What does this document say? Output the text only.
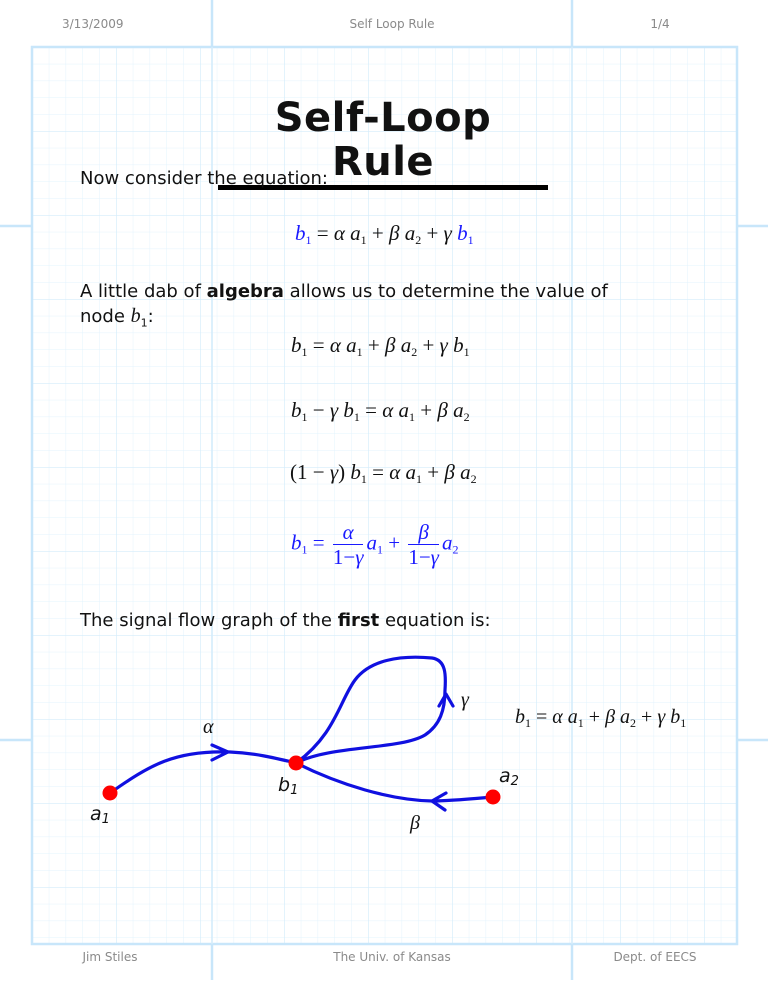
3/13/2009	Self Loop Rule	1/4
Self-Loop Rule
Now consider the equation:
$b_1 = \alpha$ $a_1 + \beta$ $a_2 + \gamma$ $b_1$
A little dab of algebra allows us to determine the value of
node $b_1$:
$b_1 = \alpha$ $a_1 + \beta$ $a_2 + \gamma$ $b_1$
$b_1 - \gamma$ $b_1 = \alpha$ $a_1 + \beta$ $a_2$
(1 − γ) $b_1 = \alpha$ $a_1 + \beta$ $a_2$
$b_1 = \frac{\alpha}{1-\gamma} a_1 + \frac{\beta}{1-\gamma} a_2$
The signal flow graph of the first equation is:
α
β
γ
$a_1$
$b_1$
$a_2$
$b_1 = \alpha$ $a_1 + \beta$ $a_2 + \gamma$ $b_1$
Jim Stiles	The Univ. of Kansas	Dept. of EECS
